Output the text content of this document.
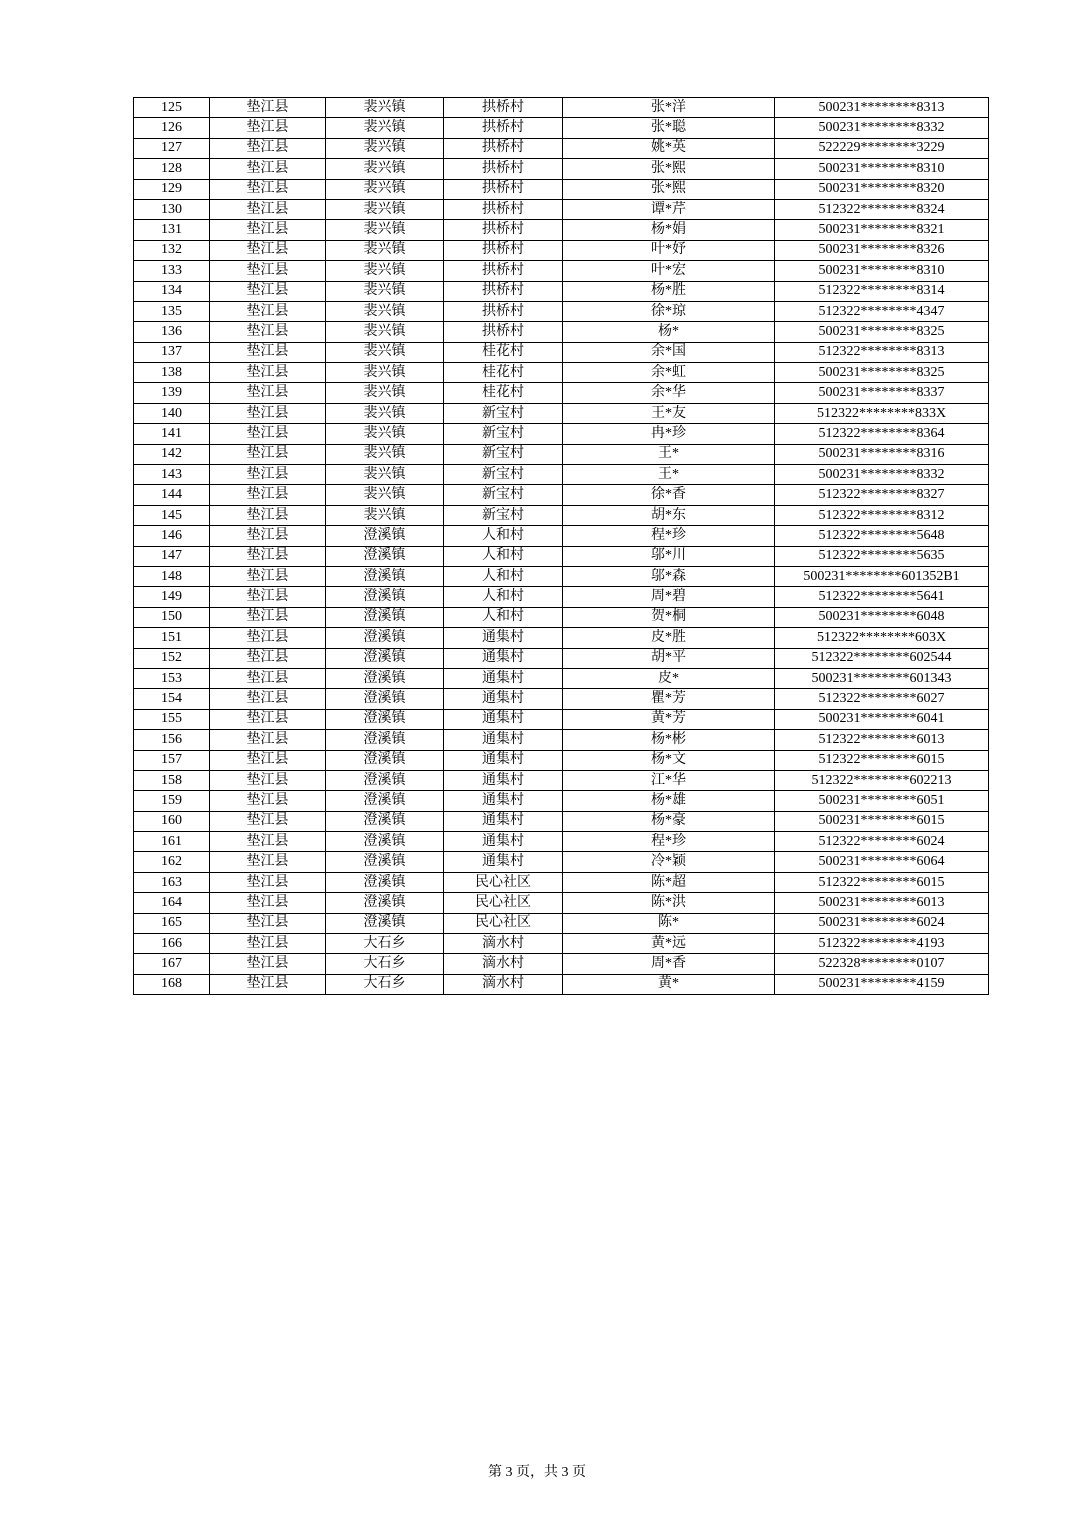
125	垫江县	裴兴镇	拱桥村	张*洋	500231********8313
126	垫江县	裴兴镇	拱桥村	张*聪	500231********8332
127	垫江县	裴兴镇	拱桥村	姚*英	522229********3229
128	垫江县	裴兴镇	拱桥村	张*熙	500231********8310
129	垫江县	裴兴镇	拱桥村	张*熙	500231********8320
130	垫江县	裴兴镇	拱桥村	谭*芹	512322********8324
131	垫江县	裴兴镇	拱桥村	杨*娟	500231********8321
132	垫江县	裴兴镇	拱桥村	叶*妤	500231********8326
133	垫江县	裴兴镇	拱桥村	叶*宏	500231********8310
134	垫江县	裴兴镇	拱桥村	杨*胜	512322********8314
135	垫江县	裴兴镇	拱桥村	徐*琼	512322********4347
136	垫江县	裴兴镇	拱桥村	杨*	500231********8325
137	垫江县	裴兴镇	桂花村	余*国	512322********8313
138	垫江县	裴兴镇	桂花村	余*虹	500231********8325
139	垫江县	裴兴镇	桂花村	余*华	500231********8337
140	垫江县	裴兴镇	新宝村	王*友	512322********833X
141	垫江县	裴兴镇	新宝村	冉*珍	512322********8364
142	垫江县	裴兴镇	新宝村	王*	500231********8316
143	垫江县	裴兴镇	新宝村	王*	500231********8332
144	垫江县	裴兴镇	新宝村	徐*香	512322********8327
145	垫江县	裴兴镇	新宝村	胡*东	512322********8312
146	垫江县	澄溪镇	人和村	程*珍	512322********5648
147	垫江县	澄溪镇	人和村	邬*川	512322********5635
148	垫江县	澄溪镇	人和村	邬*森	500231********601352B1
149	垫江县	澄溪镇	人和村	周*碧	512322********5641
150	垫江县	澄溪镇	人和村	贺*桐	500231********6048
151	垫江县	澄溪镇	通集村	皮*胜	512322********603X
152	垫江县	澄溪镇	通集村	胡*平	512322********602544
153	垫江县	澄溪镇	通集村	皮*	500231********601343
154	垫江县	澄溪镇	通集村	瞿*芳	512322********6027
155	垫江县	澄溪镇	通集村	黄*芳	500231********6041
156	垫江县	澄溪镇	通集村	杨*彬	512322********6013
157	垫江县	澄溪镇	通集村	杨*文	512322********6015
158	垫江县	澄溪镇	通集村	江*华	512322********602213
159	垫江县	澄溪镇	通集村	杨*雄	500231********6051
160	垫江县	澄溪镇	通集村	杨*豪	500231********6015
161	垫江县	澄溪镇	通集村	程*珍	512322********6024
162	垫江县	澄溪镇	通集村	冷*颖	500231********6064
163	垫江县	澄溪镇	民心社区	陈*超	512322********6015
164	垫江县	澄溪镇	民心社区	陈*洪	500231********6013
165	垫江县	澄溪镇	民心社区	陈*	500231********6024
166	垫江县	大石乡	滴水村	黄*远	512322********4193
167	垫江县	大石乡	滴水村	周*香	522328********0107
168	垫江县	大石乡	滴水村	黄*	500231********4159
第 3 页，共 3 页
